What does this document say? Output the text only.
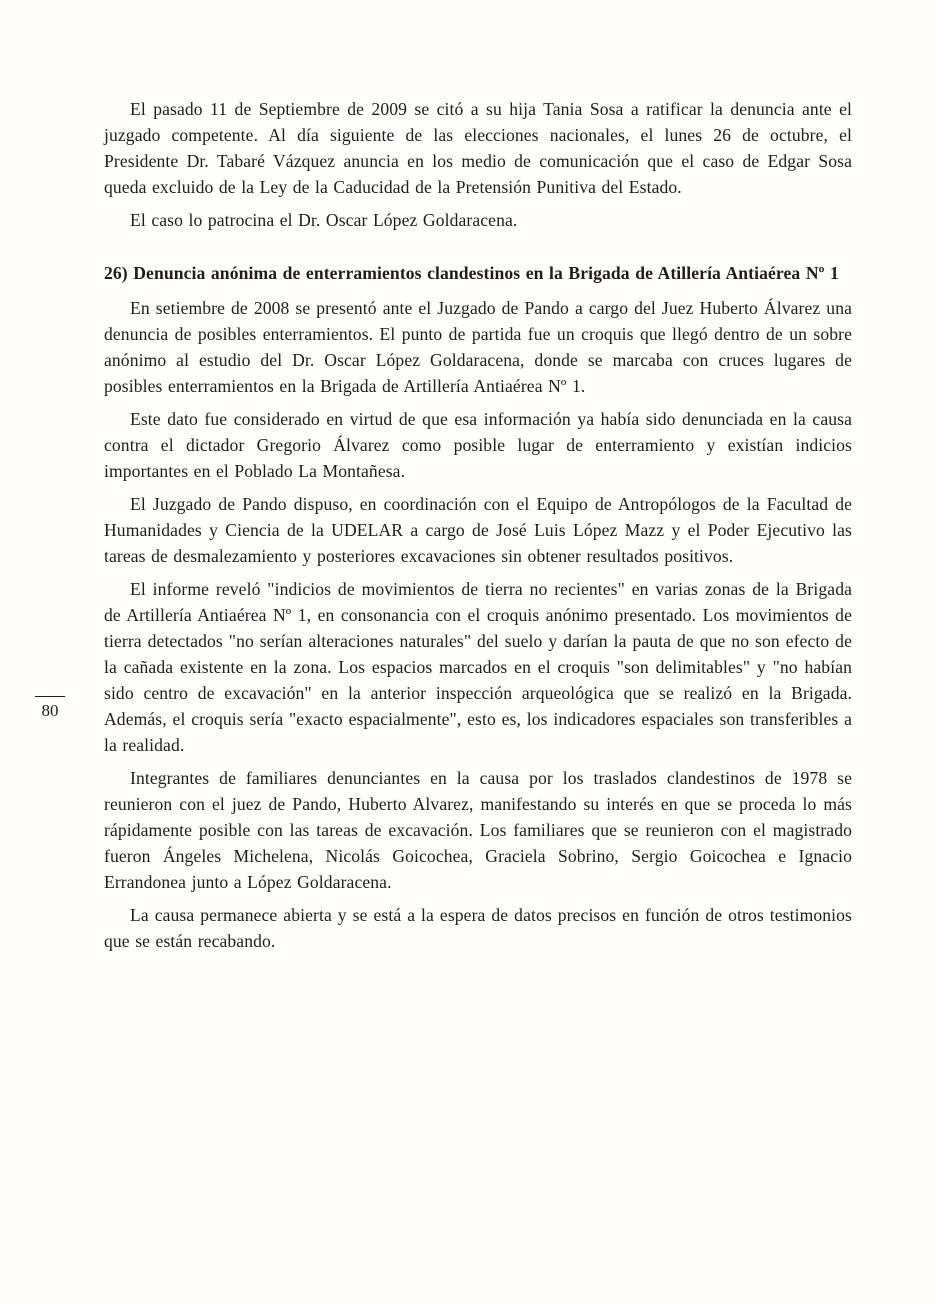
80

El pasado 11 de Septiembre de 2009 se citó a su hija Tania Sosa a ratificar la denuncia ante el juzgado competente. Al día siguiente de las elecciones nacionales, el lunes 26 de octubre, el Presidente Dr. Tabaré Vázquez anuncia en los medio de comunicación que el caso de Edgar Sosa queda excluido de la Ley de la Caducidad de la Pretensión Punitiva del Estado.

El caso lo patrocina el Dr. Oscar López Goldaracena.

26) Denuncia anónima de enterramientos clandestinos en la Brigada de Atillería Antiaérea Nº 1

En setiembre de 2008 se presentó ante el Juzgado de Pando a cargo del Juez Huberto Álvarez una denuncia de posibles enterramientos. El punto de partida fue un croquis que llegó dentro de un sobre anónimo al estudio del Dr. Oscar López Goldaracena, donde se marcaba con cruces lugares de posibles enterramientos en la Brigada de Artillería Antiaérea Nº 1.

Este dato fue considerado en virtud de que esa información ya había sido denunciada en la causa contra el dictador Gregorio Álvarez como posible lugar de enterramiento y existían indicios importantes en el Poblado La Montañesa.

El Juzgado de Pando dispuso, en coordinación con el Equipo de Antropólogos de la Facultad de Humanidades y Ciencia de la UDELAR a cargo de José Luis López Mazz y el Poder Ejecutivo las tareas de desmalezamiento y posteriores excavaciones sin obtener resultados positivos.

El informe reveló "indicios de movimientos de tierra no recientes" en varias zonas de la Brigada de Artillería Antiaérea Nº 1, en consonancia con el croquis anónimo presentado. Los movimientos de tierra detectados "no serían alteraciones naturales" del suelo y darían la pauta de que no son efecto de la cañada existente en la zona. Los espacios marcados en el croquis "son delimitables" y "no habían sido centro de excavación" en la anterior inspección arqueológica que se realizó en la Brigada. Además, el croquis sería "exacto espacialmente", esto es, los indicadores espaciales son transferibles a la realidad.

Integrantes de familiares denunciantes en la causa por los traslados clandestinos de 1978 se reunieron con el juez de Pando, Huberto Alvarez, manifestando su interés en que se proceda lo más rápidamente posible con las tareas de excavación. Los familiares que se reunieron con el magistrado fueron Ángeles Michelena, Nicolás Goicochea, Graciela Sobrino, Sergio Goicochea e Ignacio Errandonea junto a López Goldaracena.

La causa permanece abierta y se está a la espera de datos precisos en función de otros testimonios que se están recabando.
